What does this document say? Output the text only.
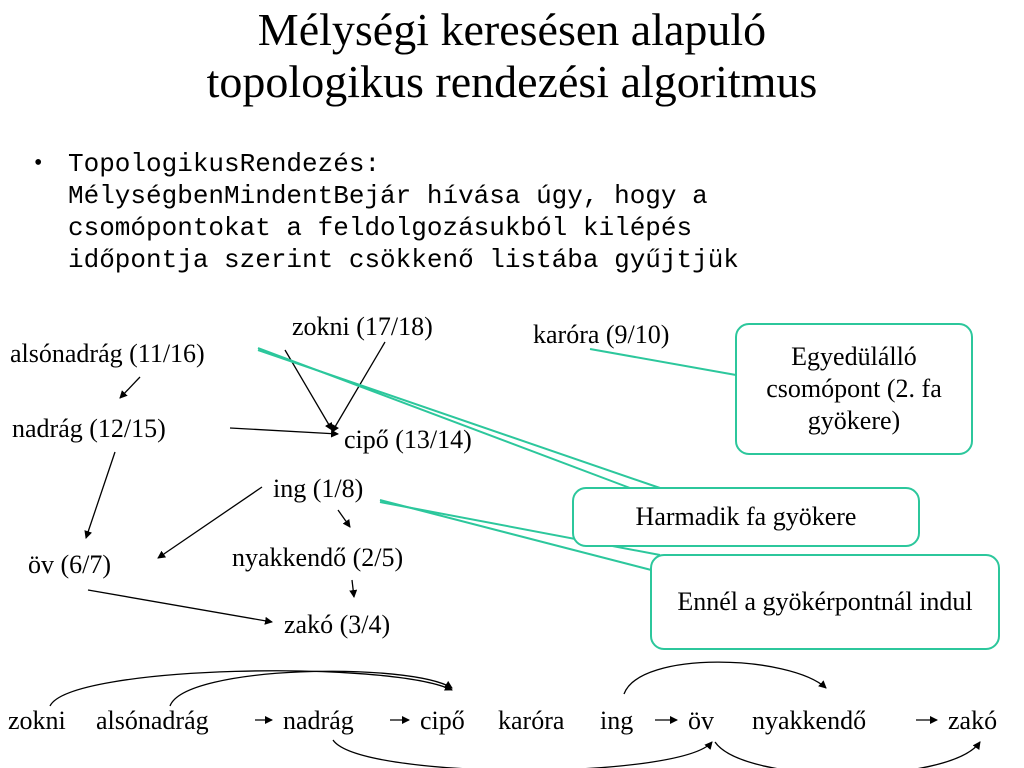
Mélységi keresésen alapuló
topologikus rendezési algoritmus
• TopologikusRendezés:
MélységbenMindentBejár hívása úgy, hogy a
csomópontokat a feldolgozásukból kilépés
időpontja szerint csökkenő listába gyűjtjük
zokni (17/18)
alsónadrág (11/16)
karóra (9/10)
nadrág (12/15)	cipő (13/14)
ing (1/8)
öv (6/7)	nyakkendő (2/5)
zakó (3/4)
Egyedülálló csomópont (2. fa gyökere)
Harmadik fa gyökere
Ennél a gyökérpontnál indul
zokni alsónadrág	nadrág	cipő karóra ing öv nyakkendő	zakó
